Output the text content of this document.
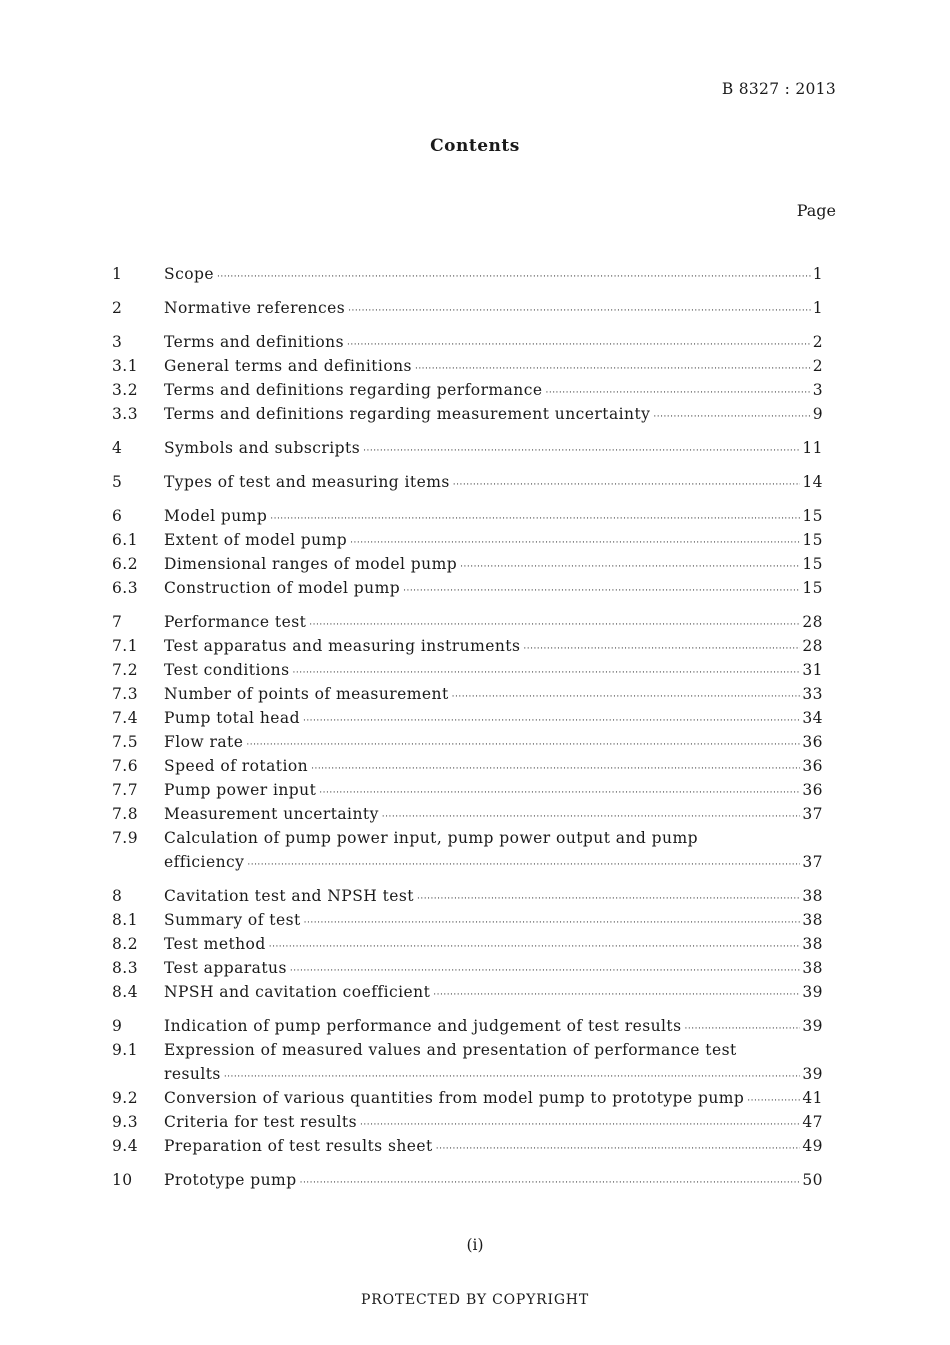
B 8327 : 2013
Contents
Page
1	Scope ·····	1
2	Normative references ·····	1
3	Terms and definitions ·····	2
3.1	General terms and definitions ·····	2
3.2	Terms and definitions regarding performance ·····	3
3.3	Terms and definitions regarding measurement uncertainty ·····	9
4	Symbols and subscripts ·····	11
5	Types of test and measuring items ·····	14
6	Model pump ·····	15
6.1	Extent of model pump ·····	15
6.2	Dimensional ranges of model pump ·····	15
6.3	Construction of model pump ·····	15
7	Performance test ·····	28
7.1	Test apparatus and measuring instruments ·····	28
7.2	Test conditions ·····	31
7.3	Number of points of measurement ·····	33
7.4	Pump total head ·····	34
7.5	Flow rate ·····	36
7.6	Speed of rotation ·····	36
7.7	Pump power input ·····	36
7.8	Measurement uncertainty ·····	37
7.9	Calculation of pump power input, pump power output and pump
efficiency ·····	37
8	Cavitation test and NPSH test ·····	38
8.1	Summary of test ·····	38
8.2	Test method ·····	38
8.3	Test apparatus ·····	38
8.4	NPSH and cavitation coefficient ·····	39
9	Indication of pump performance and judgement of test results ·····	39
9.1	Expression of measured values and presentation of performance test
results ·····	39
9.2	Conversion of various quantities from model pump to prototype pump ·····	41
9.3	Criteria for test results ·····	47
9.4	Preparation of test results sheet ·····	49
10	Prototype pump ·····	50
(i)
PROTECTED BY COPYRIGHT
